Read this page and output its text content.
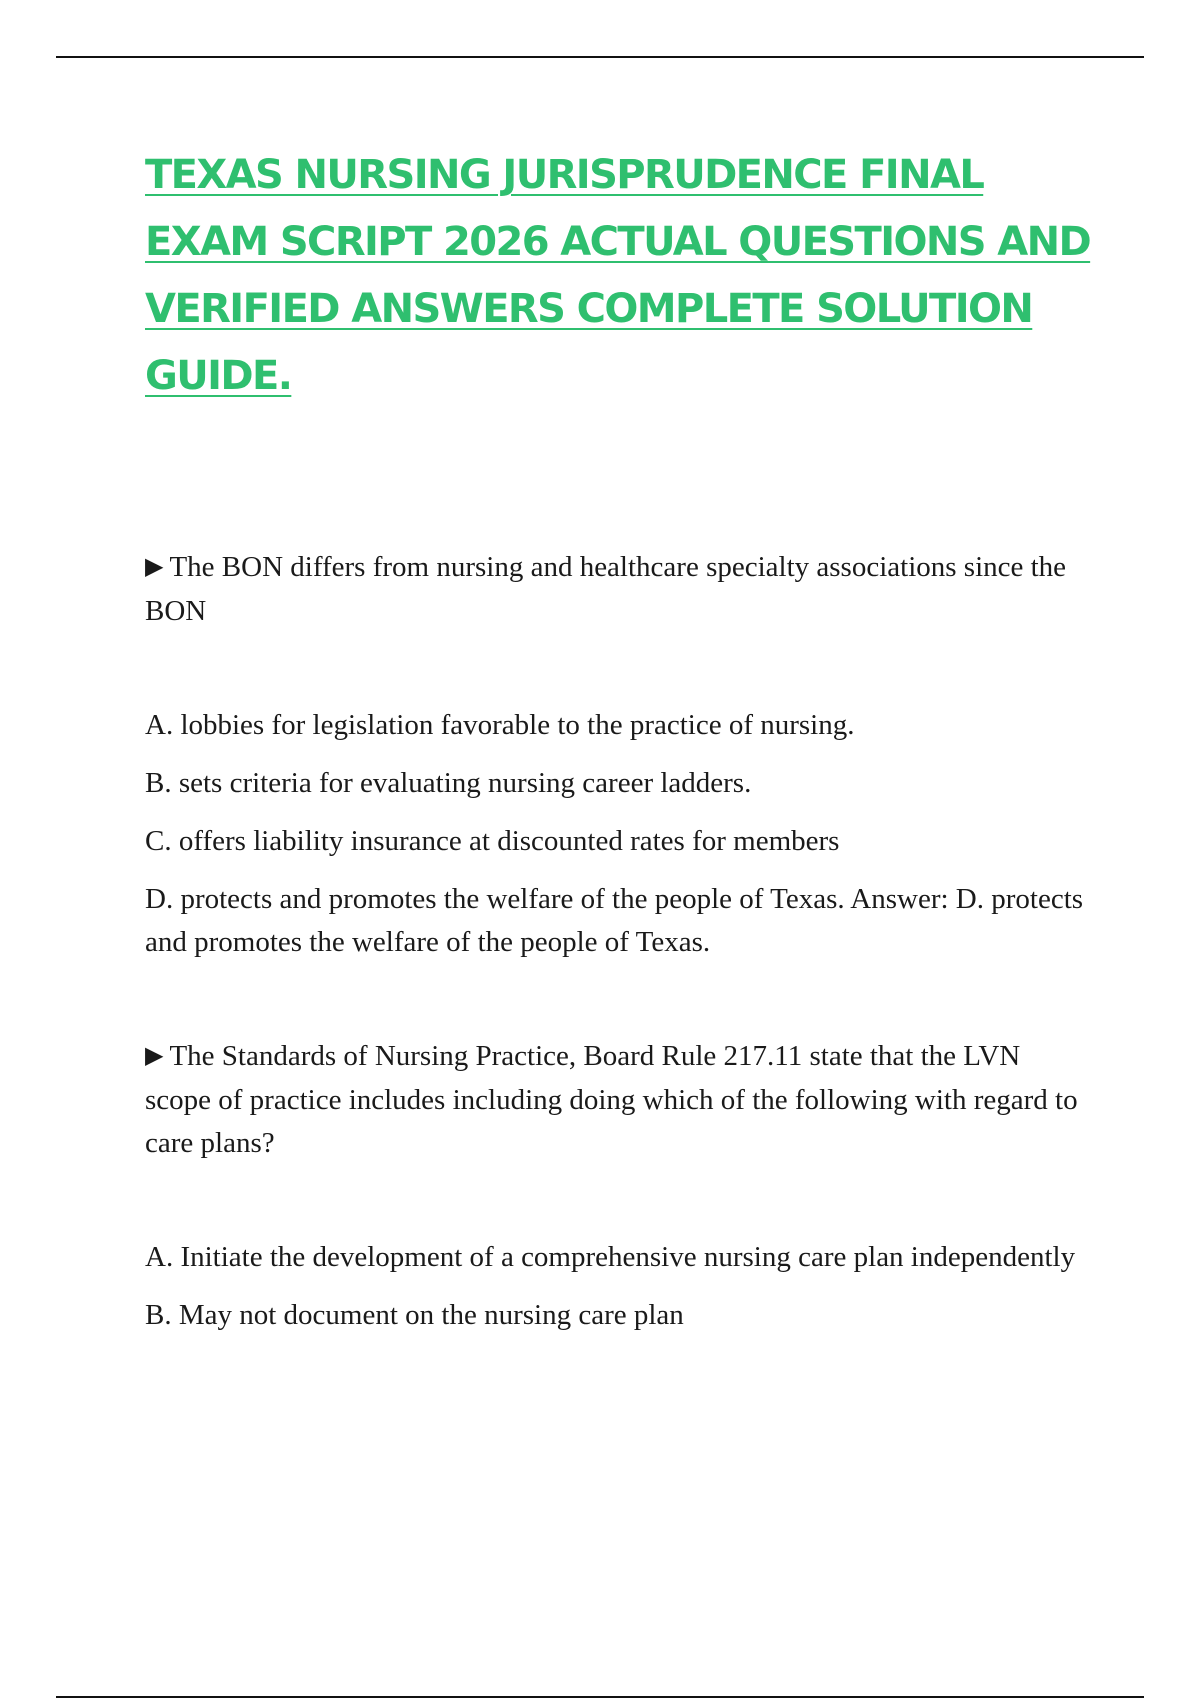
TEXAS NURSING JURISPRUDENCE FINAL EXAM SCRIPT 2026 ACTUAL QUESTIONS AND VERIFIED ANSWERS COMPLETE SOLUTION GUIDE.

▶ The BON differs from nursing and healthcare specialty associations since the BON

A. lobbies for legislation favorable to the practice of nursing.
B. sets criteria for evaluating nursing career ladders.
C. offers liability insurance at discounted rates for members
D. protects and promotes the welfare of the people of Texas. Answer: D. protects and promotes the welfare of the people of Texas.

▶ The Standards of Nursing Practice, Board Rule 217.11 state that the LVN scope of practice includes including doing which of the following with regard to care plans?

A. Initiate the development of a comprehensive nursing care plan independently
B. May not document on the nursing care plan
